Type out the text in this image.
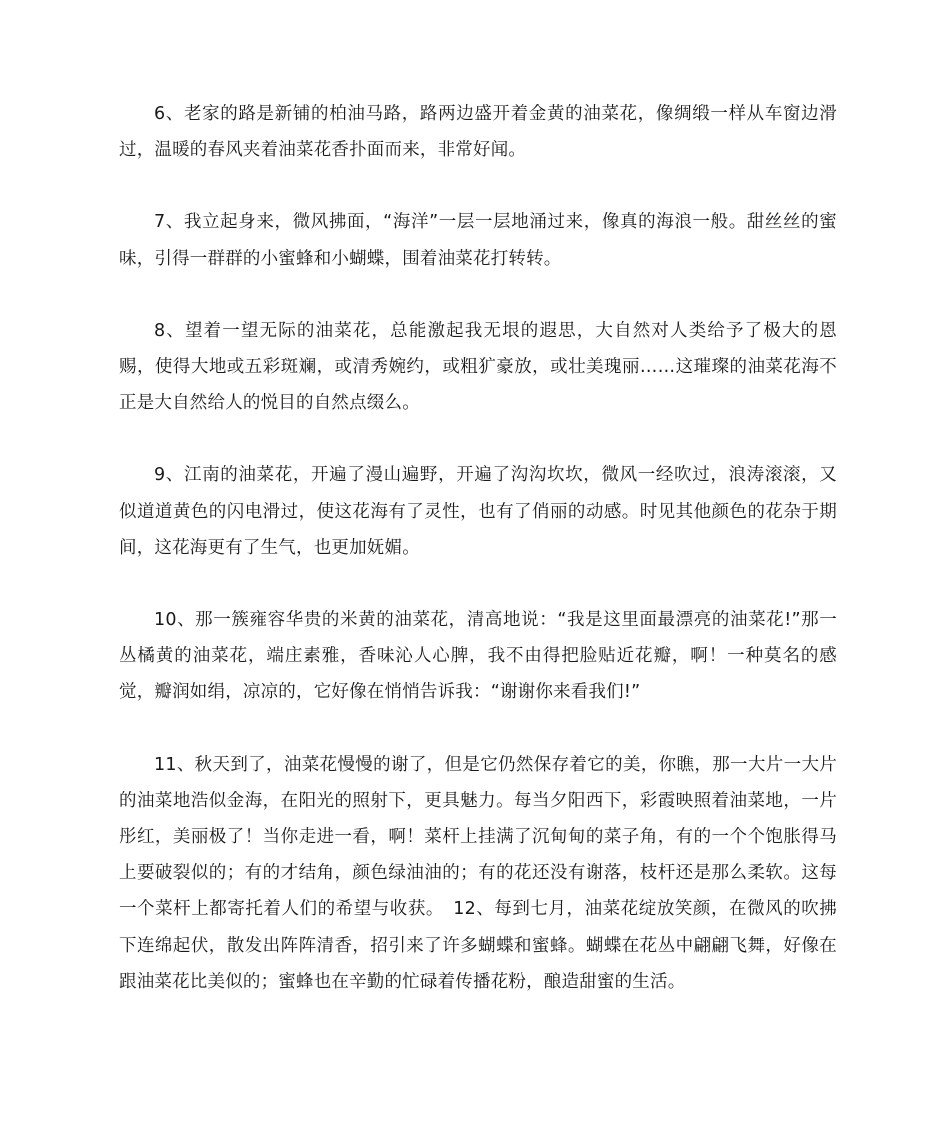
6、老家的路是新铺的柏油马路，路两边盛开着金黄的油菜花，像绸缎一样从车窗边滑过，温暖的春风夹着油菜花香扑面而来，非常好闻。

7、我立起身来，微风拂面，“海洋”一层一层地涌过来，像真的海浪一般。甜丝丝的蜜味，引得一群群的小蜜蜂和小蝴蝶，围着油菜花打转转。

8、望着一望无际的油菜花，总能激起我无垠的遐思，大自然对人类给予了极大的恩赐，使得大地或五彩斑斓，或清秀婉约，或粗犷豪放，或壮美瑰丽……这璀璨的油菜花海不正是大自然给人的悦目的自然点缀么。

9、江南的油菜花，开遍了漫山遍野，开遍了沟沟坎坎，微风一经吹过，浪涛滚滚，又似道道黄色的闪电滑过，使这花海有了灵性，也有了俏丽的动感。时见其他颜色的花杂于期间，这花海更有了生气，也更加妩媚。

10、那一簇雍容华贵的米黄的油菜花，清高地说：“我是这里面最漂亮的油菜花!”那一丛橘黄的油菜花，端庄素雅，香味沁人心脾，我不由得把脸贴近花瓣，啊！一种莫名的感觉，瓣润如绢，凉凉的，它好像在悄悄告诉我：“谢谢你来看我们!”

11、秋天到了，油菜花慢慢的谢了，但是它仍然保存着它的美，你瞧，那一大片一大片的油菜地浩似金海，在阳光的照射下，更具魅力。每当夕阳西下，彩霞映照着油菜地，一片彤红，美丽极了！当你走进一看，啊！菜杆上挂满了沉甸甸的菜子角，有的一个个饱胀得马上要破裂似的；有的才结角，颜色绿油油的；有的花还没有谢落，枝杆还是那么柔软。这每一个菜杆上都寄托着人们的希望与收获。　12、每到七月，油菜花绽放笑颜，在微风的吹拂下连绵起伏，散发出阵阵清香，招引来了许多蝴蝶和蜜蜂。蝴蝶在花丛中翩翩飞舞，好像在跟油菜花比美似的；蜜蜂也在辛勤的忙碌着传播花粉，酿造甜蜜的生活。
